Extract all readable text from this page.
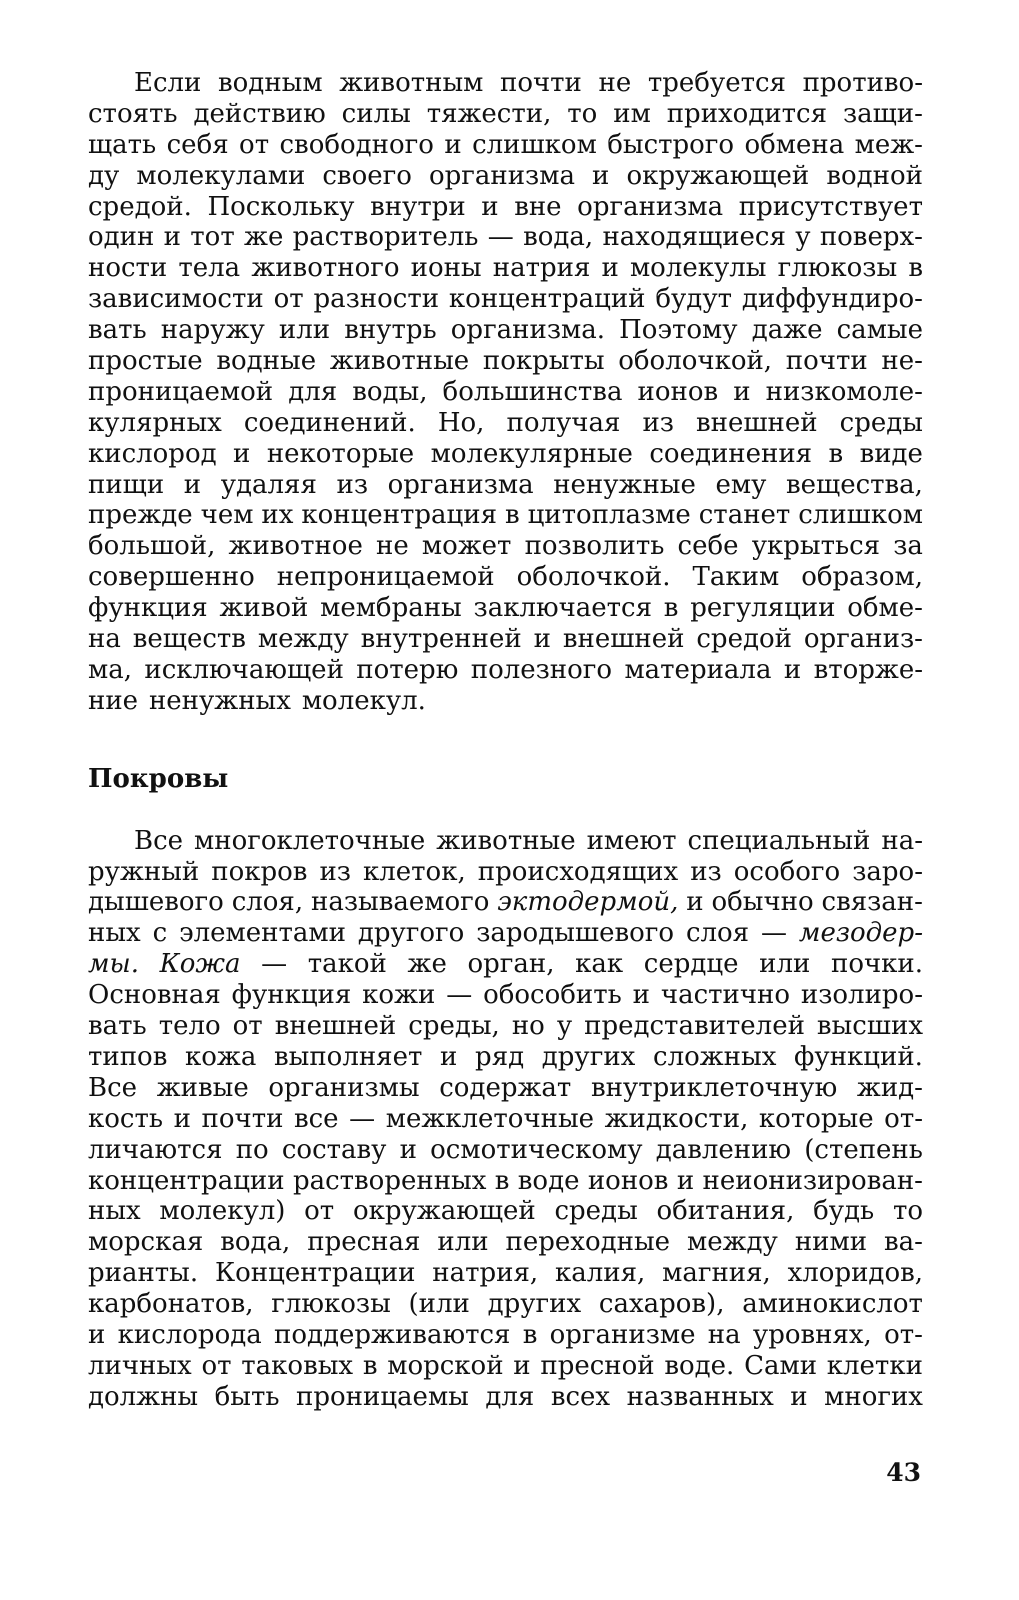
Если водным животным почти не требуется противо-
стоять действию силы тяжести, то им приходится защи-
щать себя от свободного и слишком быстрого обмена меж-
ду молекулами своего организма и окружающей водной
средой. Поскольку внутри и вне организма присутствует
один и тот же растворитель — вода, находящиеся у поверх-
ности тела животного ионы натрия и молекулы глюкозы в
зависимости от разности концентраций будут диффундиро-
вать наружу или внутрь организма. Поэтому даже самые
простые водные животные покрыты оболочкой, почти не-
проницаемой для воды, большинства ионов и низкомоле-
кулярных соединений. Но, получая из внешней среды
кислород и некоторые молекулярные соединения в виде
пищи и удаляя из организма ненужные ему вещества,
прежде чем их концентрация в цитоплазме станет слишком
большой, животное не может позволить себе укрыться за
совершенно непроницаемой оболочкой. Таким образом,
функция живой мембраны заключается в регуляции обме-
на веществ между внутренней и внешней средой организ-
ма, исключающей потерю полезного материала и вторже-
ние ненужных молекул.
Покровы
Все многоклеточные животные имеют специальный на-
ружный покров из клеток, происходящих из особого заро-
дышевого слоя, называемого эктодермой, и обычно связан-
ных с элементами другого зародышевого слоя — мезодер-
мы. Кожа — такой же орган, как сердце или почки.
Основная функция кожи — обособить и частично изолиро-
вать тело от внешней среды, но у представителей высших
типов кожа выполняет и ряд других сложных функций.
Все живые организмы содержат внутриклеточную жид-
кость и почти все — межклеточные жидкости, которые от-
личаются по составу и осмотическому давлению (степень
концентрации растворенных в воде ионов и неионизирован-
ных молекул) от окружающей среды обитания, будь то
морская вода, пресная или переходные между ними ва-
рианты. Концентрации натрия, калия, магния, хлоридов,
карбонатов, глюкозы (или других сахаров), аминокислот
и кислорода поддерживаются в организме на уровнях, от-
личных от таковых в морской и пресной воде. Сами клетки
должны быть проницаемы для всех названных и многих
43
